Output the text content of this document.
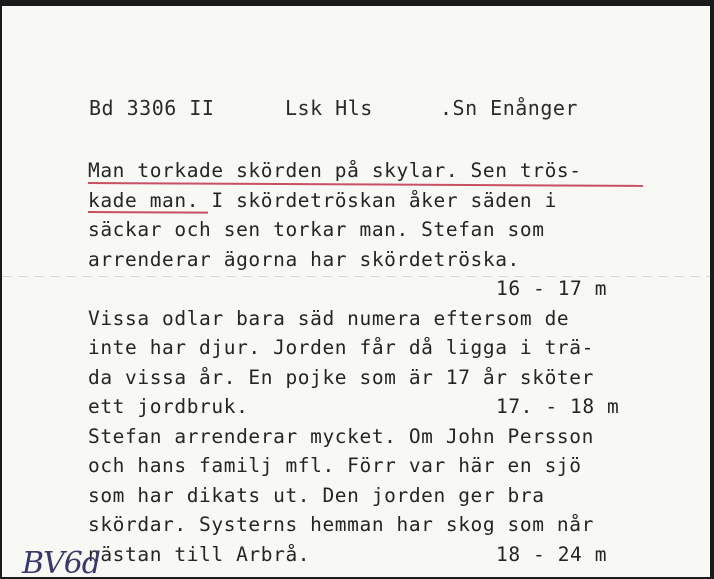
Bd 3306 II	Lsk Hls	.Sn Enånger
Man torkade skörden på skylar. Sen trös-
kade man. I skördetröskan åker säden i
säckar och sen torkar man. Stefan som
arrenderar ägorna har skördetröska.
16 - 17 m
Vissa odlar bara säd numera eftersom de
inte har djur. Jorden får då ligga i trä-
da vissa år. En pojke som är 17 år sköter
ett jordbruk.	17. - 18 m
Stefan arrenderar mycket. Om John Persson
och hans familj mfl. Förr var här en sjö
som har dikats ut. Den jorden ger bra
skördar. Systerns hemman har skog som når
nästan till Arbrå.	18 - 24 m
BV6d
